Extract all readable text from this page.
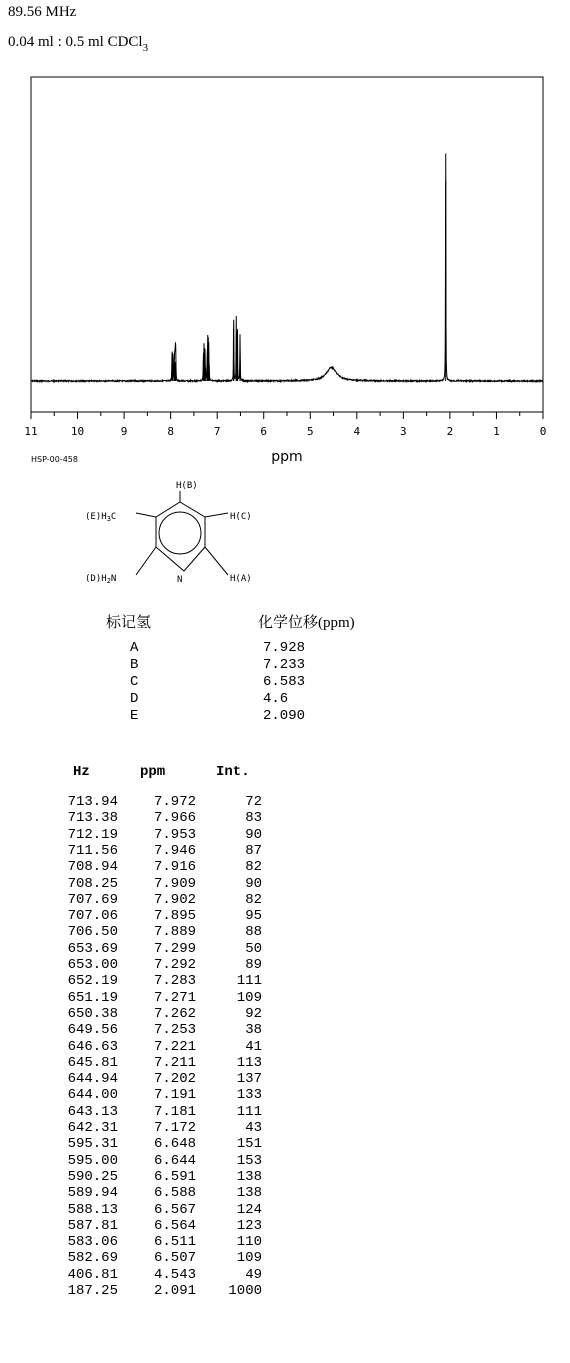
89.56 MHz
0.04 ml : 0.5 ml CDCl$_3$
11	10	9	8	7	6	5	4	3	2	1	0
ppm
HSP-00-458
H(B)
H(C)
H(A)
$(E)H_3C$
$(D)H_2N$	N
标记氢	化学位移(ppm)
A	7.928
B	7.233
C	6.583
D	4.6
E	2.090
Hz	ppm	Int.
713.94	7.972	72
713.38	7.966	83
712.19	7.953	90
711.56	7.946	87
708.94	7.916	82
708.25	7.909	90
707.69	7.902	82
707.06	7.895	95
706.50	7.889	88
653.69	7.299	50
653.00	7.292	89
652.19	7.283	111
651.19	7.271	109
650.38	7.262	92
649.56	7.253	38
646.63	7.221	41
645.81	7.211	113
644.94	7.202	137
644.00	7.191	133
643.13	7.181	111
642.31	7.172	43
595.31	6.648	151
595.00	6.644	153
590.25	6.591	138
589.94	6.588	138
588.13	6.567	124
587.81	6.564	123
583.06	6.511	110
582.69	6.507	109
406.81	4.543	49
187.25	2.091 1000
